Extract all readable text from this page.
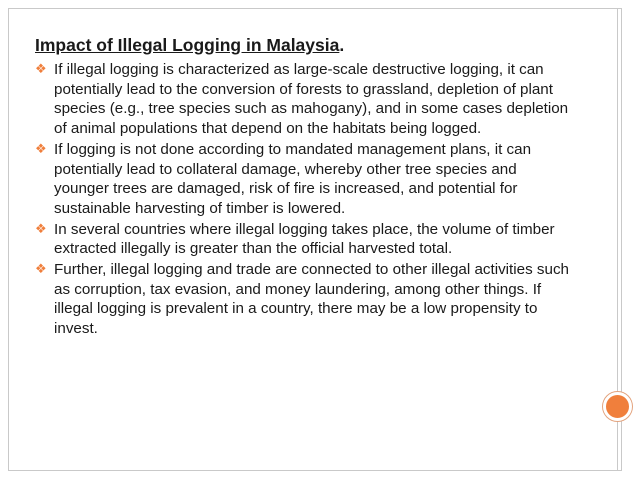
Impact of Illegal Logging in Malaysia.
❖ If illegal logging is characterized as large-scale destructive logging, it can potentially lead to the conversion of forests to grassland, depletion of plant species (e.g., tree species such as mahogany), and in some cases depletion of animal populations that depend on the habitats being logged.
❖ If logging is not done according to mandated management plans, it can potentially lead to collateral damage, whereby other tree species and younger trees are damaged, risk of fire is increased, and potential for sustainable harvesting of timber is lowered.
❖ In several countries where illegal logging takes place, the volume of timber extracted illegally is greater than the official harvested total.
❖ Further, illegal logging and trade are connected to other illegal activities such as corruption, tax evasion, and money laundering, among other things. If illegal logging is prevalent in a country, there may be a low propensity to invest.
